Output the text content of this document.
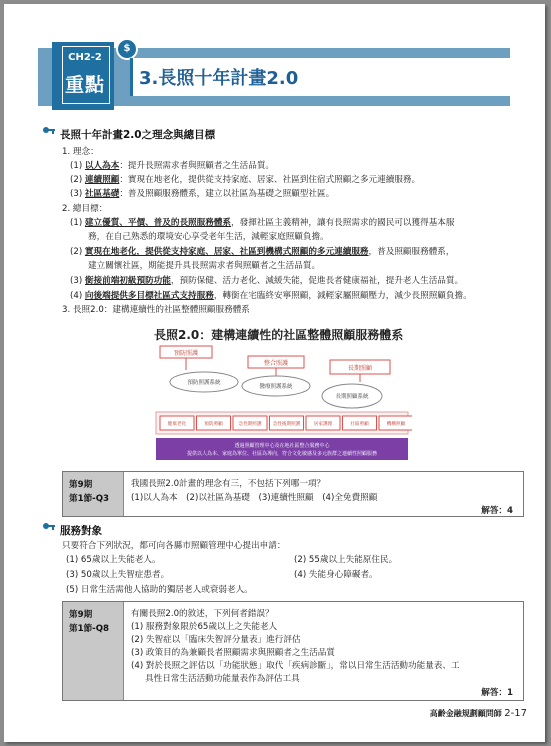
CH2-2
重點
$
3.長照十年計畫2.0
長照十年計畫2.0之理念與總目標
1. 理念：
(1) 以人為本：提升長照需求者與照顧者之生活品質。
(2) 連續照顧：實現在地老化，提供從支持家庭、居家、社區到住宿式照顧之多元連續服務。
(3) 社區基礎：普及照顧服務體系，建立以社區為基礎之照顧型社區。
2. 總目標：
(1) 建立優質、平價、普及的長照服務體系，發揮社區主義精神，讓有長照需求的國民可以獲得基本服
務，在自己熟悉的環境安心享受老年生活，減輕家庭照顧負擔。
(2) 實現在地老化，提供從支持家庭、居家、社區到機構式照顧的多元連續服務，普及照顧服務體系，
建立關懷社區，期能提升具長照需求者與照顧者之生活品質。
(3) 銜接前端初級預防功能，預防保健、活力老化、減緩失能，促進長者健康福祉，提升老人生活品質。
(4) 向後端提供多目標社區式支持服務，轉銜在宅臨終安寧照顧，減輕家屬照顧壓力，減少長照照顧負擔。
3. 長照2.0：建構連續性的社區整體照顧服務體系
長照2.0：建構連續性的社區整體照顧服務體系
預防照護
整合照護
長期照顧
預防照護系統
醫療照護系統
長期照顧系統
健康老化	預防照顧	急性期照護 急性後期照護	居家護理	社區照顧	機構照顧
透過照顧管理中心及在地社區整合服務中心
提供以人為本、家庭為單位、社區為導向，符合文化敏感及多元族群之連續性照顧服務
第9期
第1節-Q3
我國長照2.0計畫的理念有三，不包括下列哪一項？
(1)以人為本　(2)以社區為基礎　(3)連續性照顧　(4)全免費照顧
解答：4
服務對象
只要符合下列狀況，都可向各縣市照顧管理中心提出申請：
(1) 65歲以上失能老人。	(2) 55歲以上失能原住民。
(3) 50歲以上失智症患者。	(4) 失能身心障礙者。
(5) 日常生活需他人協助的獨居老人或衰弱老人。
第9期
第1節-Q8
有關長照2.0的敘述，下列何者錯誤？
(1) 服務對象限於65歲以上之失能老人
(2) 失智症以「臨床失智評分量表」進行評估
(3) 政策目的為兼顧長者照顧需求與照顧者之生活品質
(4) 對於長照之評估以「功能狀態」取代「疾病診斷」，常以日常生活活動功能量表、工
具性日常生活活動功能量表作為評估工具
解答：1
高齡金融規劃顧問師 2-17
